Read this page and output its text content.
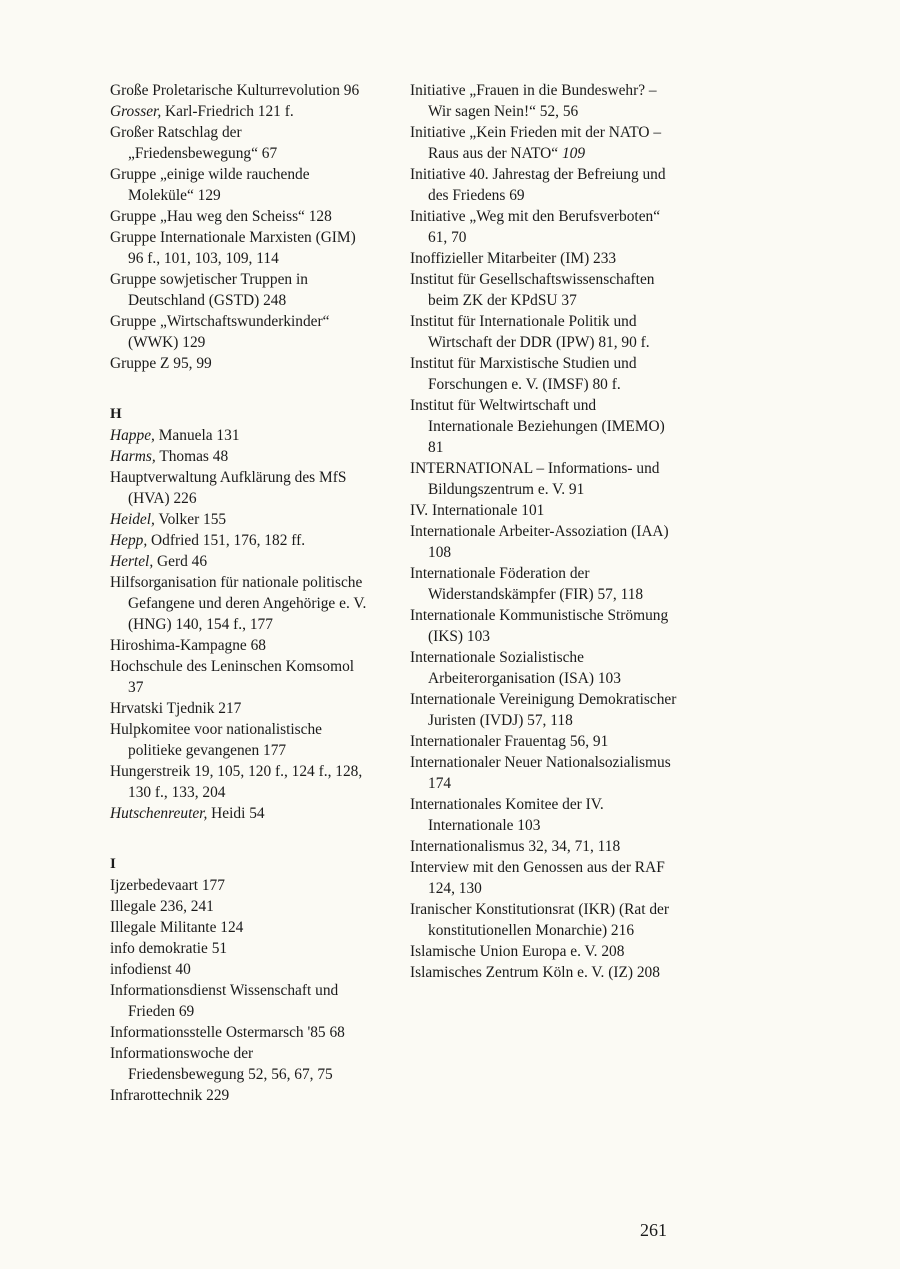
Große Proletarische Kulturrevolution 96
Grosser, Karl-Friedrich 121 f.
Großer Ratschlag der „Friedensbewegung“ 67
Gruppe „einige wilde rauchende Moleküle“ 129
Gruppe „Hau weg den Scheiss“ 128
Gruppe Internationale Marxisten (GIM) 96 f., 101, 103, 109, 114
Gruppe sowjetischer Truppen in Deutschland (GSTD) 248
Gruppe „Wirtschaftswunderkinder“ (WWK) 129
Gruppe Z 95, 99
H
Happe, Manuela 131
Harms, Thomas 48
Hauptverwaltung Aufklärung des MfS (HVA) 226
Heidel, Volker 155
Hepp, Odfried 151, 176, 182 ff.
Hertel, Gerd 46
Hilfsorganisation für nationale politische Gefangene und deren Angehörige e. V. (HNG) 140, 154 f., 177
Hiroshima-Kampagne 68
Hochschule des Leninschen Komsomol 37
Hrvatski Tjednik 217
Hulpkomitee voor nationalistische politieke gevangenen 177
Hungerstreik 19, 105, 120 f., 124 f., 128, 130 f., 133, 204
Hutschenreuter, Heidi 54
I
Ijzerbedevaart 177
Illegale 236, 241
Illegale Militante 124
info demokratie 51
infodienst 40
Informationsdienst Wissenschaft und Frieden 69
Informationsstelle Ostermarsch '85 68
Informationswoche der Friedensbewegung 52, 56, 67, 75
Infrarottechnik 229
Initiative „Frauen in die Bundeswehr? – Wir sagen Nein!“ 52, 56
Initiative „Kein Frieden mit der NATO – Raus aus der NATO“ 109
Initiative 40. Jahrestag der Befreiung und des Friedens 69
Initiative „Weg mit den Berufsverboten“ 61, 70
Inoffizieller Mitarbeiter (IM) 233
Institut für Gesellschaftswissenschaften beim ZK der KPdSU 37
Institut für Internationale Politik und Wirtschaft der DDR (IPW) 81, 90 f.
Institut für Marxistische Studien und Forschungen e. V. (IMSF) 80 f.
Institut für Weltwirtschaft und Internationale Beziehungen (IMEMO) 81
INTERNATIONAL – Informations- und Bildungszentrum e. V. 91
IV. Internationale 101
Internationale Arbeiter-Assoziation (IAA) 108
Internationale Föderation der Widerstandskämpfer (FIR) 57, 118
Internationale Kommunistische Strömung (IKS) 103
Internationale Sozialistische Arbeiterorganisation (ISA) 103
Internationale Vereinigung Demokratischer Juristen (IVDJ) 57, 118
Internationaler Frauentag 56, 91
Internationaler Neuer Nationalsozialismus 174
Internationales Komitee der IV. Internationale 103
Internationalismus 32, 34, 71, 118
Interview mit den Genossen aus der RAF 124, 130
Iranischer Konstitutionsrat (IKR) (Rat der konstitutionellen Monarchie) 216
Islamische Union Europa e. V. 208
Islamisches Zentrum Köln e. V. (IZ) 208
261
